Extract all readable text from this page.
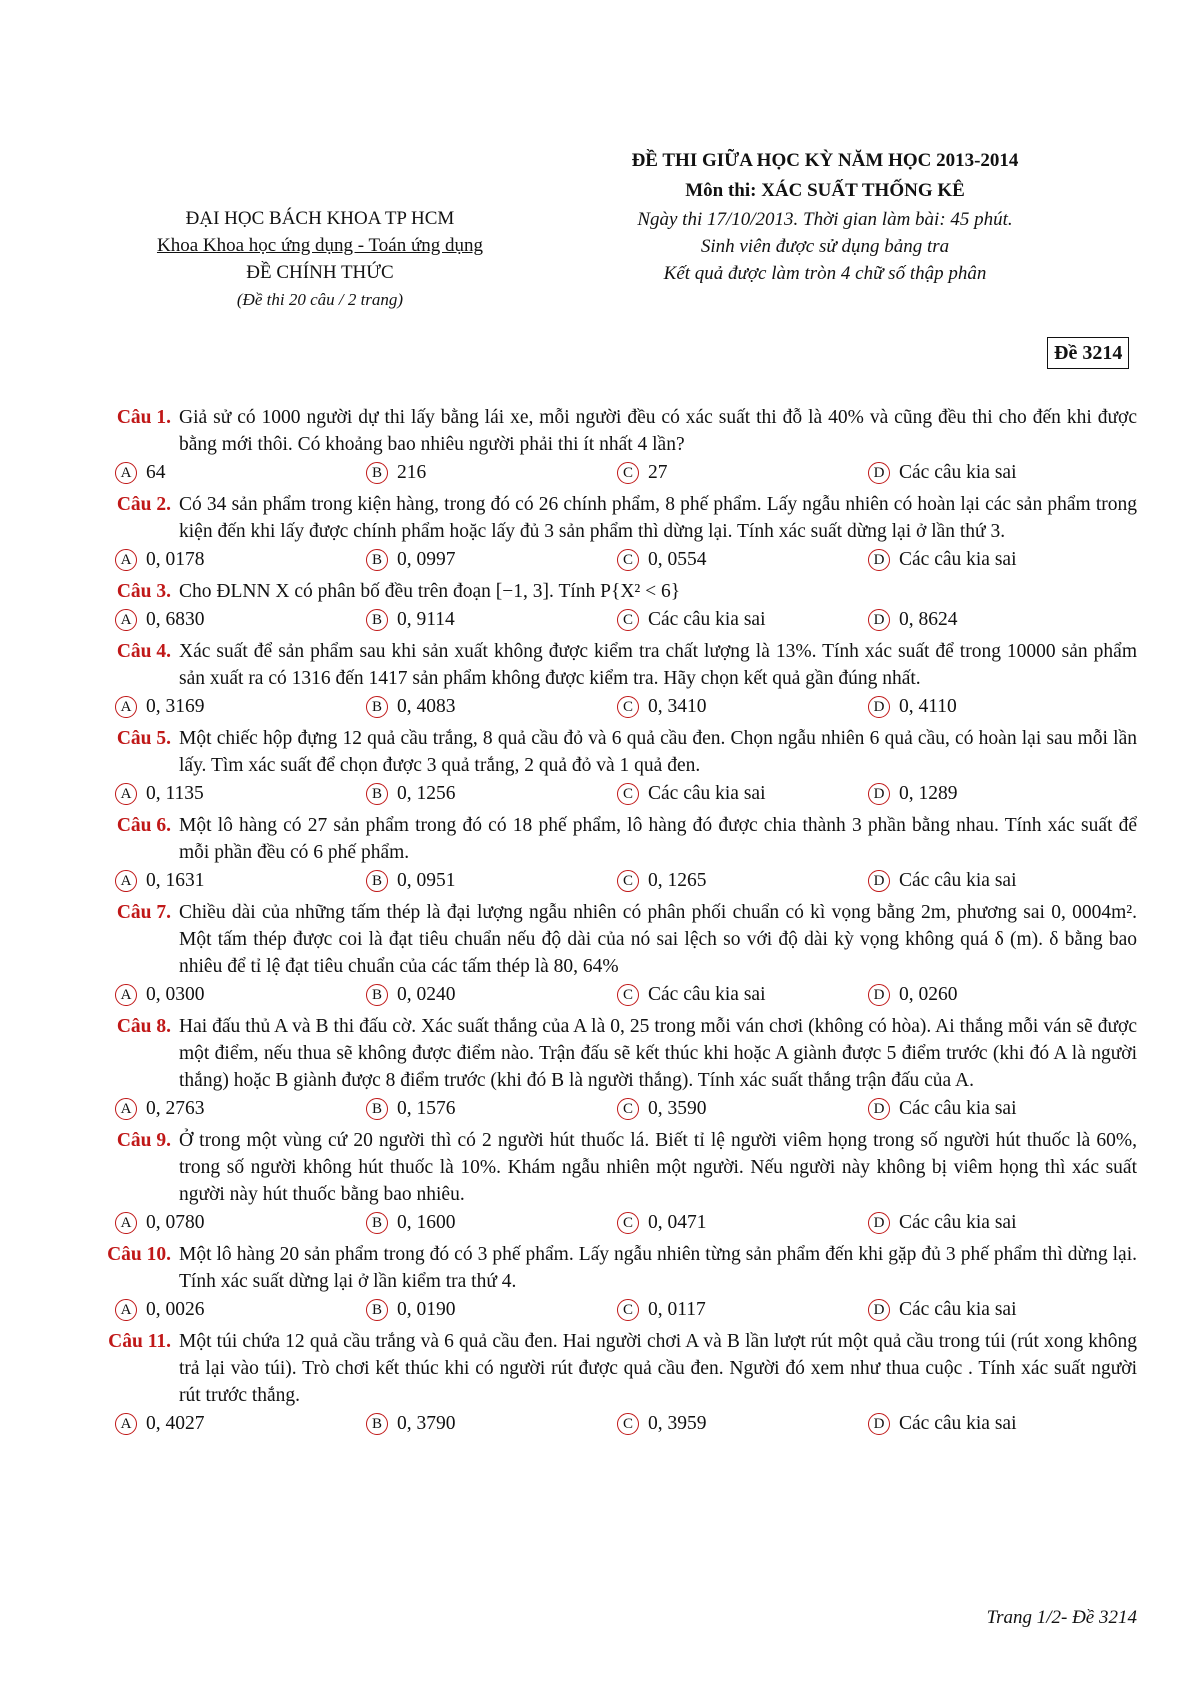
ĐẠI HỌC BÁCH KHOA TP HCM
Khoa Khoa học ứng dụng - Toán ứng dụng
ĐỀ CHÍNH THỨC
(Đề thi 20 câu / 2 trang)
ĐỀ THI GIỮA HỌC KỲ NĂM HỌC 2013-2014
Môn thi: XÁC SUẤT THỐNG KÊ
Ngày thi 17/10/2013. Thời gian làm bài: 45 phút.
Sinh viên được sử dụng bảng tra
Kết quả được làm tròn 4 chữ số thập phân
Đề 3214
Câu 1. Giả sử có 1000 người dự thi lấy bằng lái xe, mỗi người đều có xác suất thi đỗ là 40% và cũng đều thi cho đến khi được bằng mới thôi. Có khoảng bao nhiêu người phải thi ít nhất 4 lần?
A 64	B 216	C 27	D Các câu kia sai
Câu 2. Có 34 sản phẩm trong kiện hàng, trong đó có 26 chính phẩm, 8 phế phẩm. Lấy ngẫu nhiên có hoàn lại các sản phẩm trong kiện đến khi lấy được chính phẩm hoặc lấy đủ 3 sản phẩm thì dừng lại. Tính xác suất dừng lại ở lần thứ 3.
A 0, 0178	B 0, 0997	C 0, 0554	D Các câu kia sai
Câu 3. Cho ĐLNN X có phân bố đều trên đoạn [−1, 3]. Tính P{X² < 6}
A 0, 6830	B 0, 9114	C Các câu kia sai	D 0, 8624
Câu 4. Xác suất để sản phẩm sau khi sản xuất không được kiểm tra chất lượng là 13%. Tính xác suất để trong 10000 sản phẩm sản xuất ra có 1316 đến 1417 sản phẩm không được kiểm tra. Hãy chọn kết quả gần đúng nhất.
A 0, 3169	B 0, 4083	C 0, 3410	D 0, 4110
Câu 5. Một chiếc hộp đựng 12 quả cầu trắng, 8 quả cầu đỏ và 6 quả cầu đen. Chọn ngẫu nhiên 6 quả cầu, có hoàn lại sau mỗi lần lấy. Tìm xác suất để chọn được 3 quả trắng, 2 quả đỏ và 1 quả đen.
A 0, 1135	B 0, 1256	C Các câu kia sai	D 0, 1289
Câu 6. Một lô hàng có 27 sản phẩm trong đó có 18 phế phẩm, lô hàng đó được chia thành 3 phần bằng nhau. Tính xác suất để mỗi phần đều có 6 phế phẩm.
A 0, 1631	B 0, 0951	C 0, 1265	D Các câu kia sai
Câu 7. Chiều dài của những tấm thép là đại lượng ngẫu nhiên có phân phối chuẩn có kì vọng bằng 2m, phương sai 0, 0004m². Một tấm thép được coi là đạt tiêu chuẩn nếu độ dài của nó sai lệch so với độ dài kỳ vọng không quá δ (m). δ bằng bao nhiêu để tỉ lệ đạt tiêu chuẩn của các tấm thép là 80, 64%
A 0, 0300	B 0, 0240	C Các câu kia sai	D 0, 0260
Câu 8. Hai đấu thủ A và B thi đấu cờ. Xác suất thắng của A là 0, 25 trong mỗi ván chơi (không có hòa). Ai thắng mỗi ván sẽ được một điểm, nếu thua sẽ không được điểm nào. Trận đấu sẽ kết thúc khi hoặc A giành được 5 điểm trước (khi đó A là người thắng) hoặc B giành được 8 điểm trước (khi đó B là người thắng). Tính xác suất thắng trận đấu của A.
A 0, 2763	B 0, 1576	C 0, 3590	D Các câu kia sai
Câu 9. Ở trong một vùng cứ 20 người thì có 2 người hút thuốc lá. Biết tỉ lệ người viêm họng trong số người hút thuốc là 60%, trong số người không hút thuốc là 10%. Khám ngẫu nhiên một người. Nếu người này không bị viêm họng thì xác suất người này hút thuốc bằng bao nhiêu.
A 0, 0780	B 0, 1600	C 0, 0471	D Các câu kia sai
Câu 10. Một lô hàng 20 sản phẩm trong đó có 3 phế phẩm. Lấy ngẫu nhiên từng sản phẩm đến khi gặp đủ 3 phế phẩm thì dừng lại. Tính xác suất dừng lại ở lần kiểm tra thứ 4.
A 0, 0026	B 0, 0190	C 0, 0117	D Các câu kia sai
Câu 11. Một túi chứa 12 quả cầu trắng và 6 quả cầu đen. Hai người chơi A và B lần lượt rút một quả cầu trong túi (rút xong không trả lại vào túi). Trò chơi kết thúc khi có người rút được quả cầu đen. Người đó xem như thua cuộc . Tính xác suất người rút trước thắng.
A 0, 4027	B 0, 3790	C 0, 3959	D Các câu kia sai
Trang 1/2- Đề 3214
